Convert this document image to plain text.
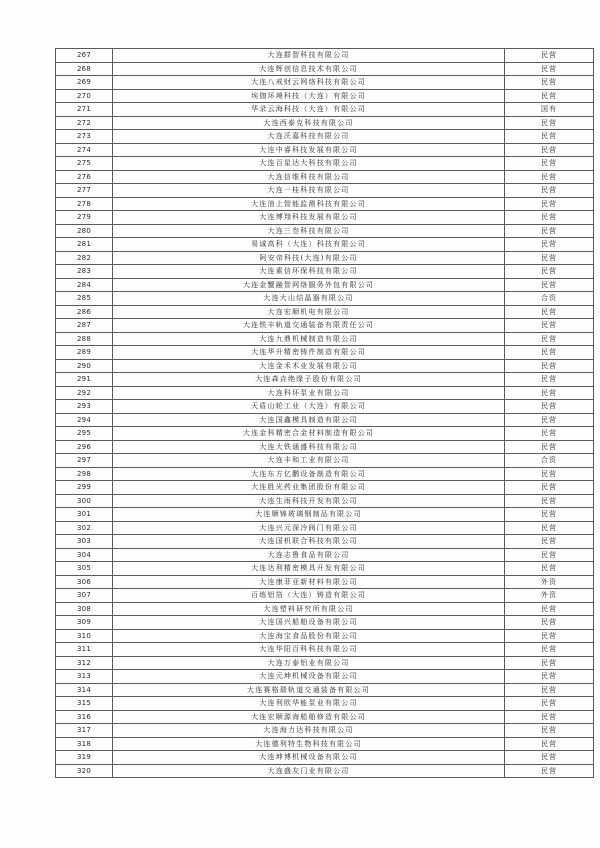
267	大连群智科技有限公司	民营
268	大连辉创信息技术有限公司	民营
269	大连八戒财云网络科技有限公司	民营
270	埃伽环境科技（大连）有限公司	民营
271	华录云海科技（大连）有限公司	国有
272	大连西泰克科技有限公司	民营
273	大连沃嘉科技有限公司	民营
274	大连中睿科技发展有限公司	民营
275	大连百星达大科技有限公司	民营
276	大连信维科技有限公司	民营
277	大连一桂科技有限公司	民营
278	大连油上智能监测科技有限公司	民营
279	大连博翔科技发展有限公司	民营
280	大连三叁科技有限公司	民营
281	易诚高科（大连）科技有限公司	民营
282	阿安帝科技(大连)有限公司	民营
283	大连素信环保科技有限公司	民营
284	大连金蟹融智网络服务外包有限公司	民营
285	大连大山结晶器有限公司	合资
286	大连宏顺机电有限公司	民营
287	大连铁丰轨道交通装备有限责任公司	民营
288	大连九鼎机械制造有限公司	民营
289	大连华升精密铸件制造有限公司	民营
290	大连金禾木业发展有限公司	民营
291	大连森垚绝缘子股份有限公司	民营
292	大连科环泵业有限公司	民营
293	天盾山轮工业（大连）有限公司	民营
294	大连国鑫模具制造有限公司	民营
295	大连金科精密合金材料制造有限公司	民营
296	大连大铁通盛科技有限公司	民营
297	大连丰和工业有限公司	合资
298	大连东方亿鹏设备制造有限公司	民营
299	大连胜光药业集团股份有限公司	民营
300	大连生雨科技开发有限公司	民营
301	大连顺锦玻璃钢制品有限公司	民营
302	大连兴元深冷阀门有限公司	民营
303	大连国机联合科技有限公司	民营
304	大连志鲁食品有限公司	民营
305	大连达利精密模具开发有限公司	民营
306	大连康菲亚新材料有限公司	外资
307	百练铝箔（大连）铸造有限公司	外资
308	大连塑料研究所有限公司	民营
309	大连国兴船舶设备有限公司	民营
310	大连海宝食品股份有限公司	民营
311	大连华阳百科科技有限公司	民营
312	大连万泰铝业有限公司	民营
313	大连元坤机械设备有限公司	民营
314	大连赛格瑞轨道交通装备有限公司	民营
315	大连利欧华能泵业有限公司	民营
316	大连宏顺源海船舶修造有限公司	民营
317	大连海力达科技有限公司	民营
318	大连德利特生物科技有限公司	民营
319	大连坤博机械设备有限公司	民营
320	大连盛友门业有限公司	民营
